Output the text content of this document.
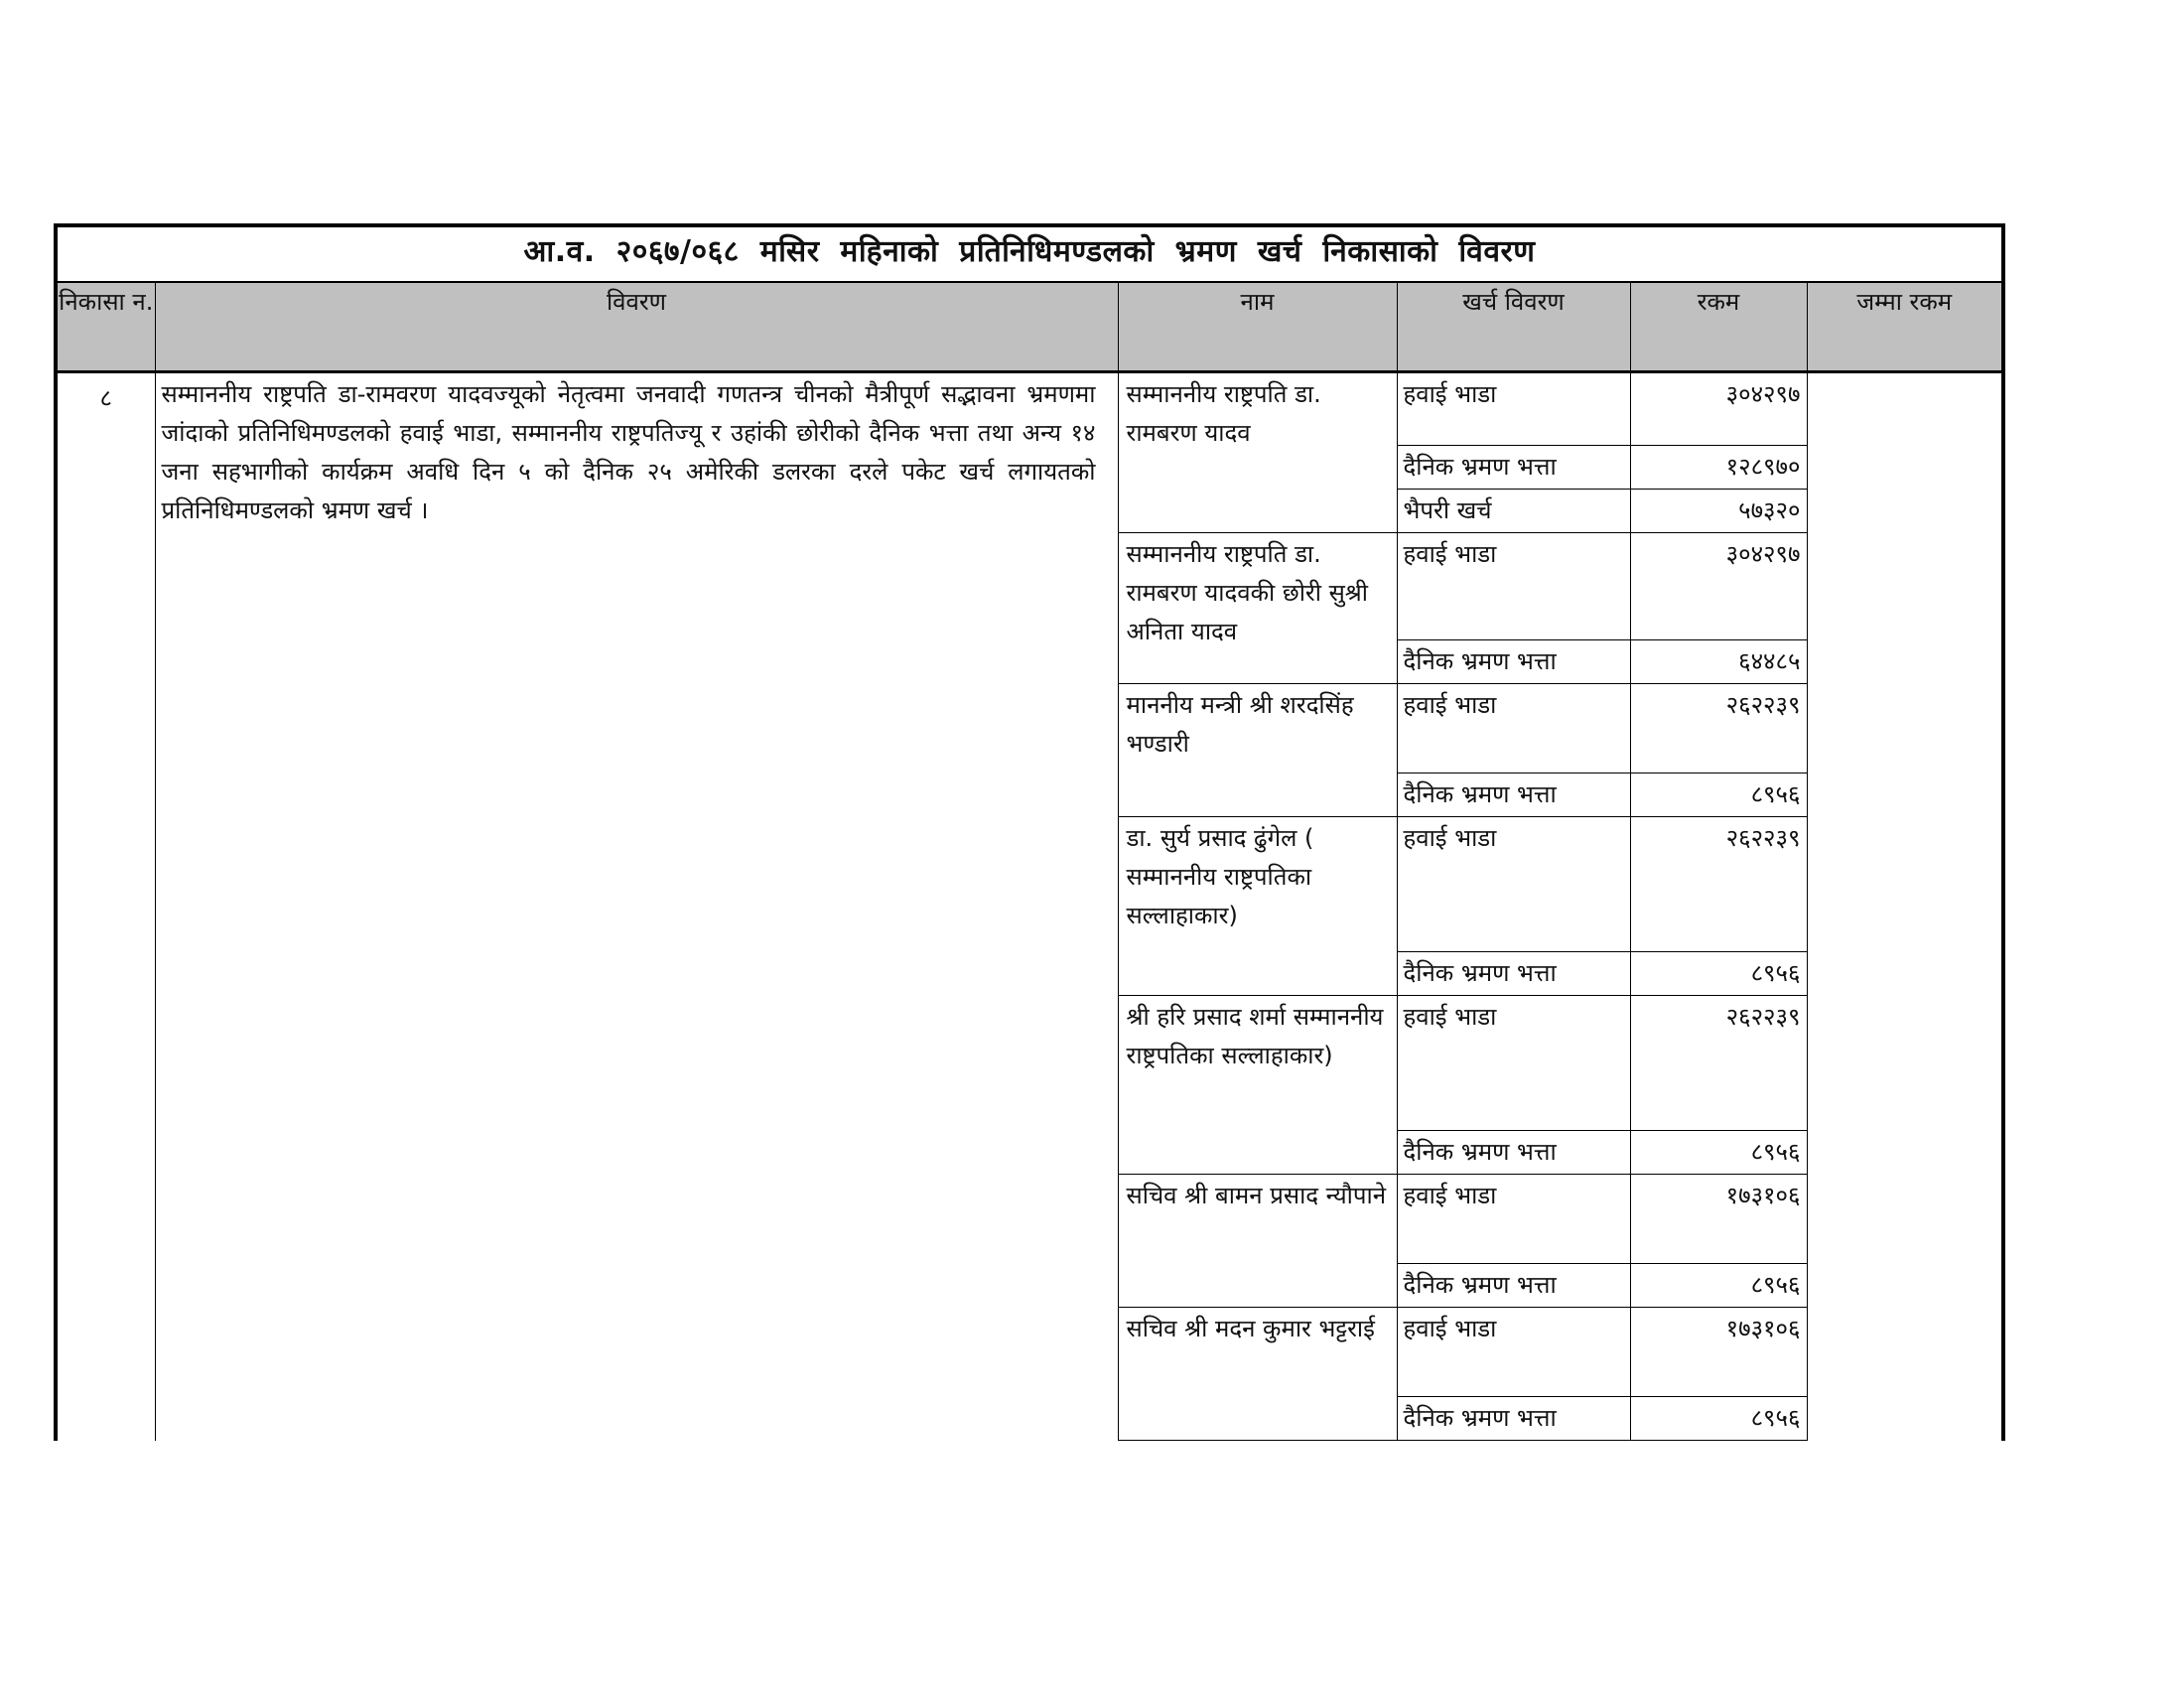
आ.व. २०६७/०६८ मसिर महिनाको प्रतिनिधिमण्डलको भ्रमण खर्च निकासाको विवरण					
निकासा न.	विवरण	नाम	खर्च विवरण	रकम	जम्मा रकम
८	सम्माननीय राष्ट्रपति डा-रामवरण यादवज्यूको नेतृत्वमा जनवादी गणतन्त्र चीनको मैत्रीपूर्ण सद्भावना भ्रमणमा जांदाको प्रतिनिधिमण्डलको हवाई भाडा, सम्माननीय राष्ट्रपतिज्यू र उहांकी छोरीको दैनिक भत्ता तथा अन्य १४ जना सहभागीको कार्यक्रम अवधि दिन ५ को दैनिक २५ अमेरिकी डलरका दरले पकेट खर्च लगायतको प्रतिनिधिमण्डलको भ्रमण खर्च ।	सम्माननीय राष्ट्रपति डा. रामबरण यादव	हवाई भाडा	३०४२९७	
			दैनिक भ्रमण भत्ता	१२८९७०	
			भैपरी खर्च	५७३२०	
		सम्माननीय राष्ट्रपति डा. रामबरण यादवकी छोरी सुश्री अनिता यादव	हवाई भाडा	३०४२९७	
			दैनिक भ्रमण भत्ता	६४४८५	
		माननीय मन्त्री श्री शरदसिंह भण्डारी	हवाई भाडा	२६२२३९	
			दैनिक भ्रमण भत्ता	८९५६	
		डा. सुर्य प्रसाद ढुंगेल ( सम्माननीय राष्ट्रपतिका सल्लाहाकार)	हवाई भाडा	२६२२३९	
			दैनिक भ्रमण भत्ता	८९५६	
		श्री हरि प्रसाद शर्मा सम्माननीय राष्ट्रपतिका सल्लाहाकार)	हवाई भाडा	२६२२३९	
			दैनिक भ्रमण भत्ता	८९५६	
		सचिव श्री बामन प्रसाद न्यौपाने	हवाई भाडा	१७३१०६	
			दैनिक भ्रमण भत्ता	८९५६	
		सचिव श्री मदन कुमार भट्टराई	हवाई भाडा	१७३१०६	
			दैनिक भ्रमण भत्ता	८९५६	
